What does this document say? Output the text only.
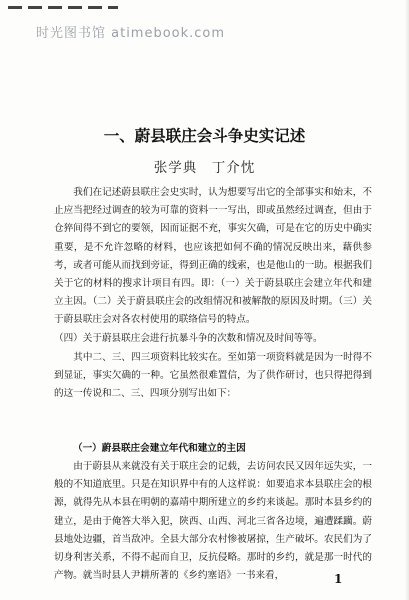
时光图书馆 atimebook.com
一、蔚县联庄会斗争史实记述
张学典　丁介忱

我们在记述蔚县联庄会史实时，认为想要写出它的全部事实和始末，不止应当把经过调查的较为可靠的资料一一写出，即或虽然经过调查，但由于仓猝间得不到它的要领，因而证据不充，事实欠确，可是在它的历史中确实重要，是不允许忽略的材料，也应该把如何不确的情况反映出来，藉供参考，或者可能从而找到旁证，得到正确的线索，也是他山的一助。根据我们关于它的材料的搜求计项目有四。即：（一）关于蔚县联庄会建立年代和建立主因。（二）关于蔚县联庄会的改组情况和被解散的原因及时期。（三）关于蔚县联庄会对各农村使用的联络信号的特点。

（四）关于蔚县联庄会进行抗暴斗争的次数和情况及时间等等。

其中二、三、四三项资料比较实在。至如第一项资料就是因为一时得不到显证，事实欠确的一种。它虽然很难置信，为了供作研讨，也只得把得到的这一传说和二、三、四项分别写出如下：

（一）蔚县联庄会建立年代和建立的主因

由于蔚县从来就没有关于联庄会的记载，去访问农民又因年远失实，一般的不知道底里。只是在知识界中有的人这样说：如要追求本县联庄会的根源，就得先从本县在明朝的嘉靖中期所建立的乡约来谈起。那时本县乡约的建立，是由于俺答大举入犯，陕西、山西、河北三省各边境，遍遭蹂躏。蔚县地处边疆，首当敌冲。全县大部分农村惨被屠掠，生产破坏。农民们为了切身利害关系，不得不起而自卫，反抗侵略。那时的乡约，就是那一时代的产物。就当时县人尹耕所著的《乡约塞语》一书来看，	1
